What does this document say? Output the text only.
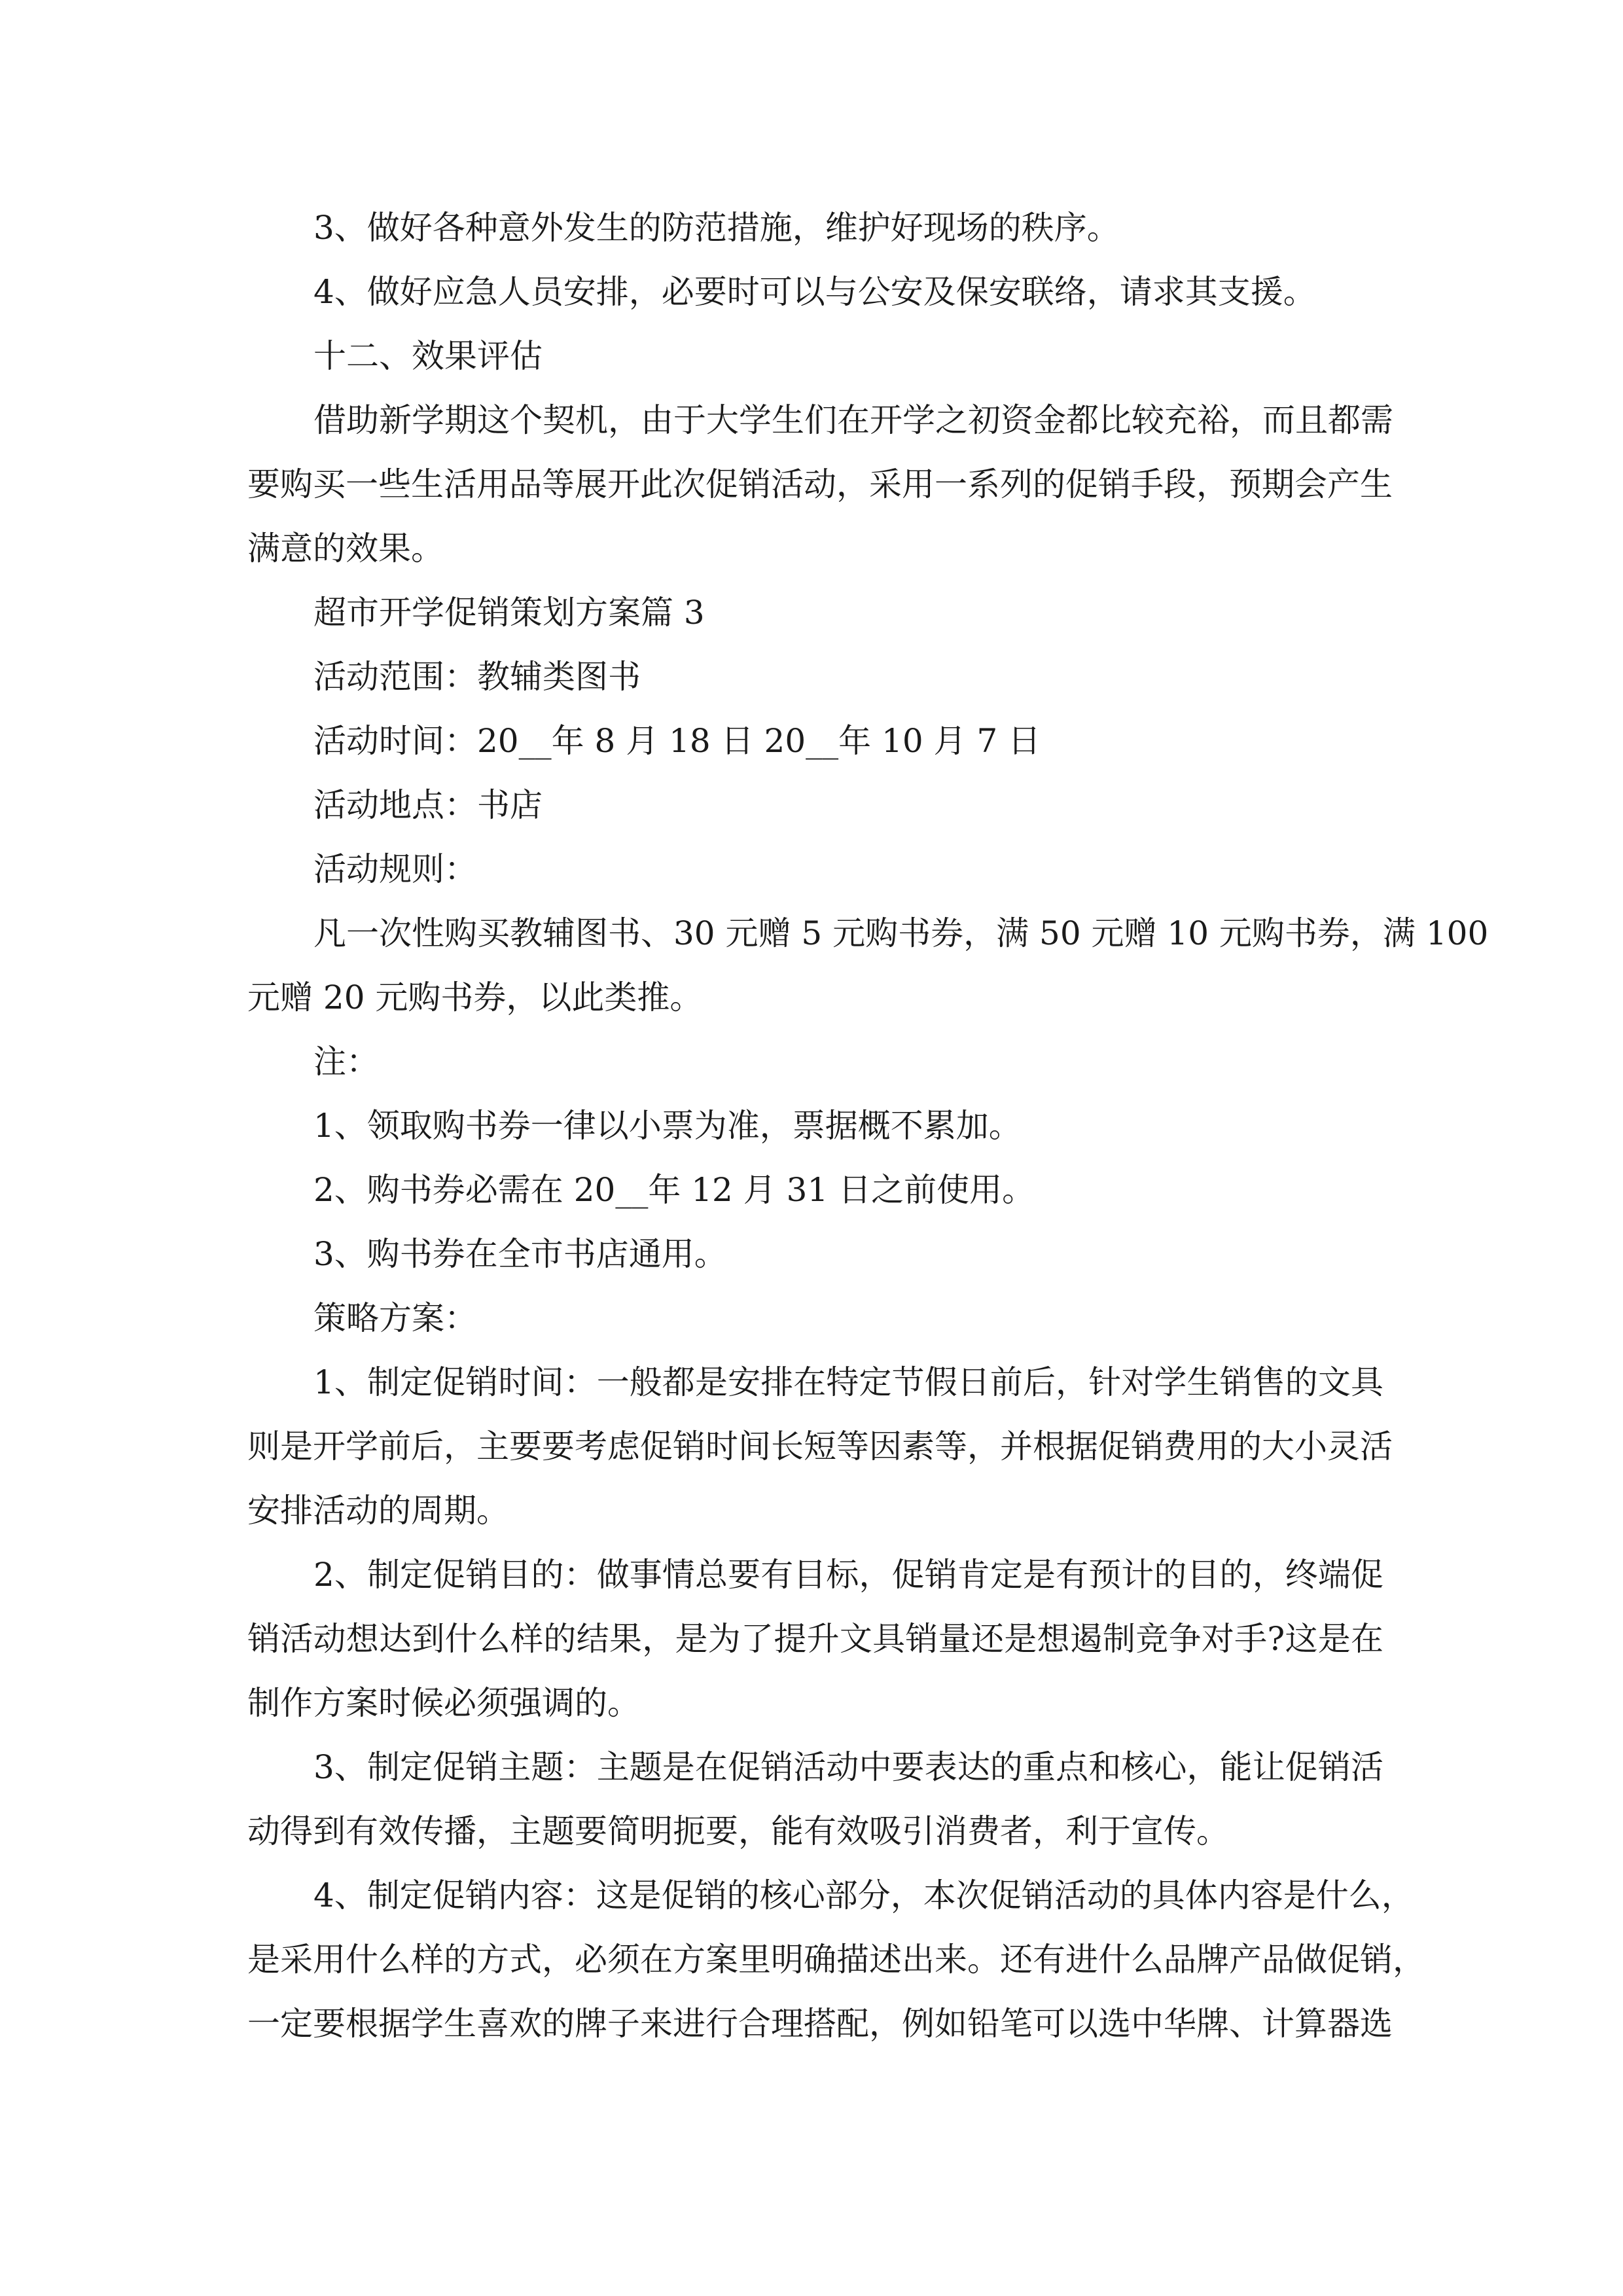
3、做好各种意外发生的防范措施，维护好现场的秩序。
4、做好应急人员安排，必要时可以与公安及保安联络，请求其支援。
十二、效果评估
借助新学期这个契机，由于大学生们在开学之初资金都比较充裕，而且都需
要购买一些生活用品等展开此次促销活动，采用一系列的促销手段，预期会产生
满意的效果。
超市开学促销策划方案篇 3
活动范围：教辅类图书
活动时间：20__年 8 月 18 日 20__年 10 月 7 日
活动地点：书店
活动规则：
凡一次性购买教辅图书、30 元赠 5 元购书券，满 50 元赠 10 元购书券，满 100
元赠 20 元购书券，以此类推。
注：
1、领取购书券一律以小票为准，票据概不累加。
2、购书券必需在 20__年 12 月 31 日之前使用。
3、购书券在全市书店通用。
策略方案：
1、制定促销时间：一般都是安排在特定节假日前后，针对学生销售的文具
则是开学前后，主要要考虑促销时间长短等因素等，并根据促销费用的大小灵活
安排活动的周期。
2、制定促销目的：做事情总要有目标，促销肯定是有预计的目的，终端促
销活动想达到什么样的结果，是为了提升文具销量还是想遏制竞争对手?这是在
制作方案时候必须强调的。
3、制定促销主题：主题是在促销活动中要表达的重点和核心，能让促销活
动得到有效传播，主题要简明扼要，能有效吸引消费者，利于宣传。
4、制定促销内容：这是促销的核心部分，本次促销活动的具体内容是什么，
是采用什么样的方式，必须在方案里明确描述出来。还有进什么品牌产品做促销，
一定要根据学生喜欢的牌子来进行合理搭配，例如铅笔可以选中华牌、计算器选
